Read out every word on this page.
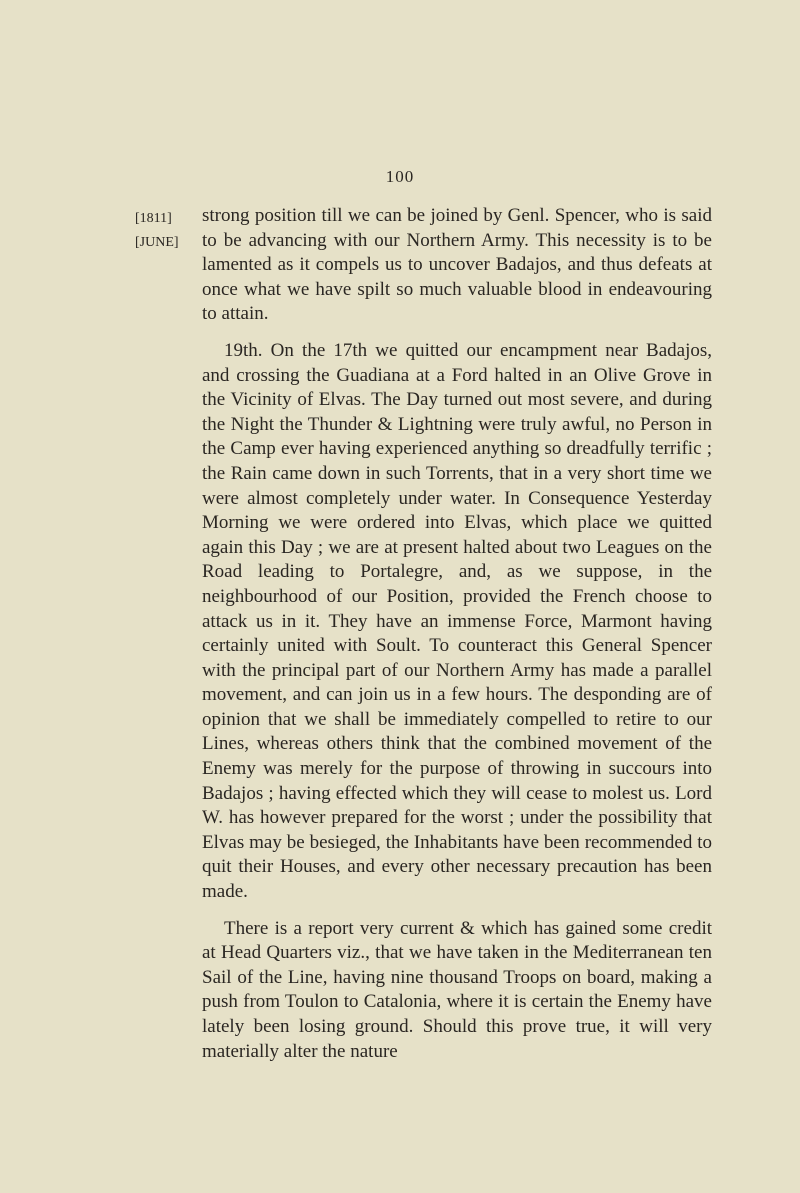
100
[1811]
[JUNE]

strong position till we can be joined by Genl. Spencer, who is said to be advancing with our Northern Army. This necessity is to be lamented as it compels us to uncover Badajos, and thus defeats at once what we have spilt so much valuable blood in endeavouring to attain.

19th. On the 17th we quitted our encampment near Badajos, and crossing the Guadiana at a Ford halted in an Olive Grove in the Vicinity of Elvas. The Day turned out most severe, and during the Night the Thunder & Lightning were truly awful, no Person in the Camp ever having experienced anything so dreadfully terrific ; the Rain came down in such Torrents, that in a very short time we were almost completely under water. In Consequence Yesterday Morning we were ordered into Elvas, which place we quitted again this Day ; we are at present halted about two Leagues on the Road leading to Portalegre, and, as we suppose, in the neighbourhood of our Position, provided the French choose to attack us in it. They have an immense Force, Marmont having certainly united with Soult. To counteract this General Spencer with the principal part of our Northern Army has made a parallel movement, and can join us in a few hours. The desponding are of opinion that we shall be immediately compelled to retire to our Lines, whereas others think that the combined movement of the Enemy was merely for the purpose of throwing in succours into Badajos ; having effected which they will cease to molest us. Lord W. has however prepared for the worst ; under the possibility that Elvas may be besieged, the Inhabitants have been recommended to quit their Houses, and every other necessary precaution has been made.

There is a report very current & which has gained some credit at Head Quarters viz., that we have taken in the Mediterranean ten Sail of the Line, having nine thousand Troops on board, making a push from Toulon to Catalonia, where it is certain the Enemy have lately been losing ground. Should this prove true, it will very materially alter the nature
